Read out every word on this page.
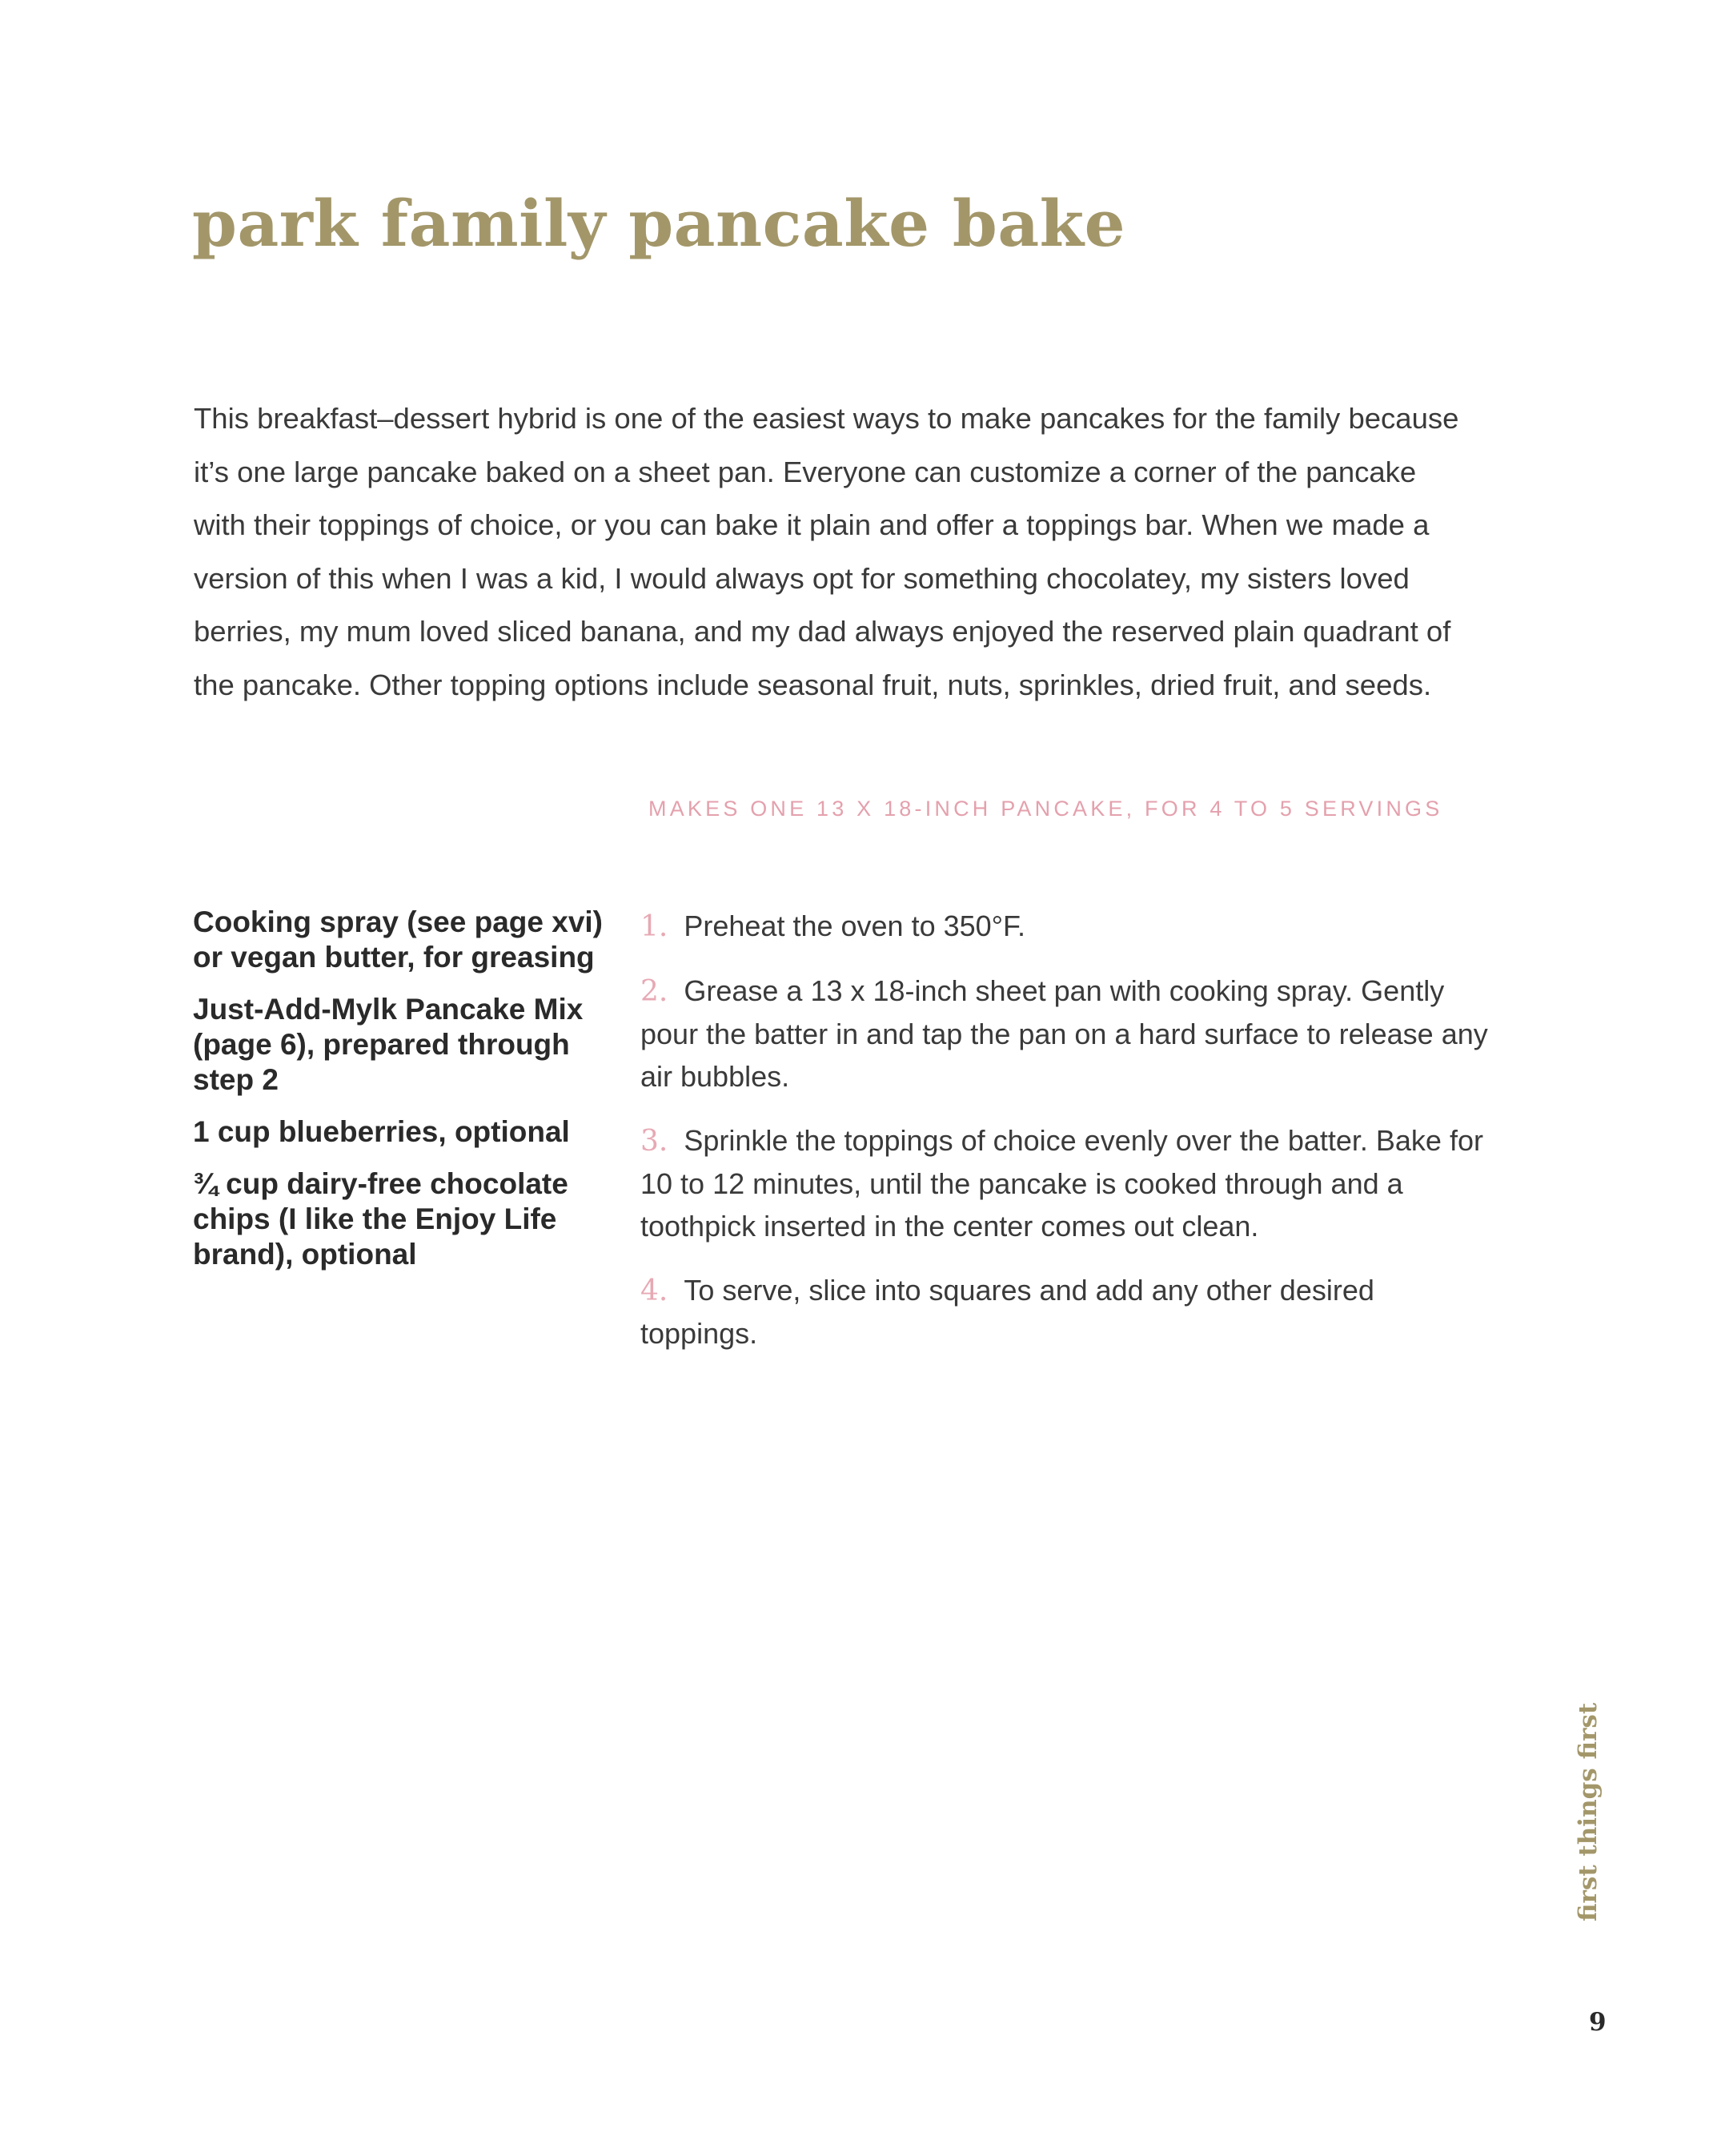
park family pancake bake

This breakfast–dessert hybrid is one of the easiest ways to make pancakes for the family because it’s one large pancake baked on a sheet pan. Everyone can customize a corner of the pancake with their toppings of choice, or you can bake it plain and offer a toppings bar. When we made a version of this when I was a kid, I would always opt for something chocolatey, my sisters loved berries, my mum loved sliced banana, and my dad always enjoyed the reserved plain quadrant of the pancake. Other topping options include seasonal fruit, nuts, sprinkles, dried fruit, and seeds.

MAKES ONE 13 X 18-INCH PANCAKE, FOR 4 TO 5 SERVINGS

Cooking spray (see page xvi) or vegan butter, for greasing
Just-Add-Mylk Pancake Mix (page 6), prepared through step 2
1 cup blueberries, optional
¾ cup dairy-free chocolate chips (I like the Enjoy Life brand), optional
1. Preheat the oven to 350°F.
2. Grease a 13 x 18-inch sheet pan with cooking spray. Gently pour the batter in and tap the pan on a hard surface to release any air bubbles.
3. Sprinkle the toppings of choice evenly over the batter. Bake for 10 to 12 minutes, until the pancake is cooked through and a toothpick inserted in the center comes out clean.
4. To serve, slice into squares and add any other desired toppings.
first things first
9
